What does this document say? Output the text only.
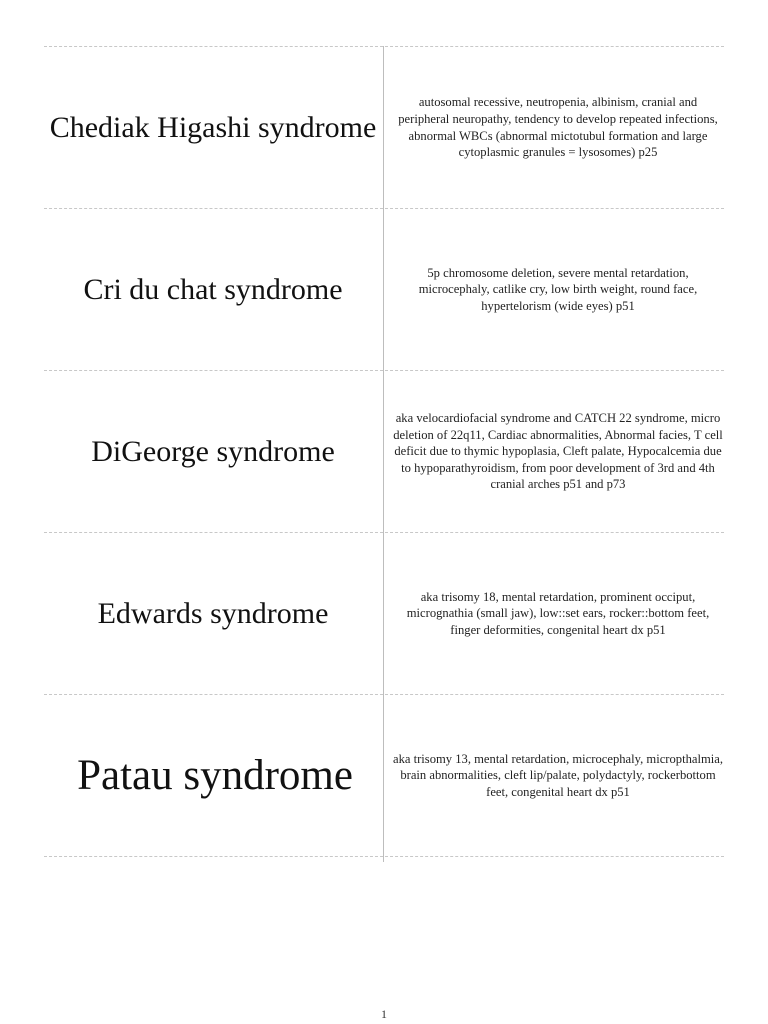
Chediak Higashi syndrome
autosomal recessive, neutropenia, albinism, cranial and peripheral neuropathy, tendency to develop repeated infections, abnormal WBCs (abnormal mictotubul formation and large cytoplasmic granules = lysosomes) p25
Cri du chat syndrome
5p chromosome deletion, severe mental retardation, microcephaly, catlike cry, low birth weight, round face, hypertelorism (wide eyes) p51
DiGeorge syndrome
aka velocardiofacial syndrome and CATCH 22 syndrome, micro deletion of 22q11, Cardiac abnormalities, Abnormal facies, T cell deficit due to thymic hypoplasia, Cleft palate, Hypocalcemia due to hypoparathyroidism, from poor development of 3rd and 4th cranial arches p51 and p73
Edwards syndrome
aka trisomy 18, mental retardation, prominent occiput, micrognathia (small jaw), low::set ears, rocker::bottom feet, finger deformities, congenital heart dx p51
Patau syndrome	aka trisomy 13, mental retardation, microcephaly, micropthalmia, brain abnormalities, cleft lip/palate, polydactyly, rockerbottom feet, congenital heart dx p51
1
